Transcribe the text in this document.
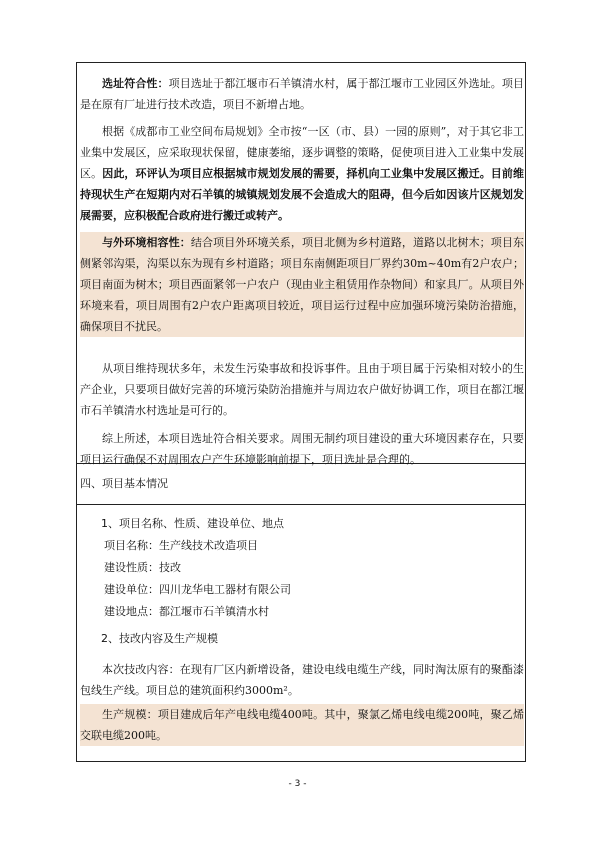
选址符合性：项目选址于都江堰市石羊镇清水村，属于都江堰市工业园区外选址。项目是在原有厂址进行技术改造，项目不新增占地。

根据《成都市工业空间布局规划》全市按“一区（市、县）一园的原则”，对于其它非工业集中发展区，应采取现状保留，健康萎缩，逐步调整的策略，促使项目进入工业集中发展区。因此，环评认为项目应根据城市规划发展的需要，择机向工业集中发展区搬迁。目前维持现状生产在短期内对石羊镇的城镇规划发展不会造成大的阻碍，但今后如因该片区规划发展需要，应积极配合政府进行搬迁或转产。

与外环境相容性：结合项目外环境关系，项目北侧为乡村道路，道路以北树木；项目东侧紧邻沟渠，沟渠以东为现有乡村道路；项目东南侧距项目厂界约30m~40m有2户农户；项目南面为树木；项目西面紧邻一户农户（现由业主租赁用作杂物间）和家具厂。从项目外环境来看，项目周围有2户农户距离项目较近，项目运行过程中应加强环境污染防治措施，确保项目不扰民。

从项目维持现状多年，未发生污染事故和投诉事件。且由于项目属于污染相对较小的生产企业，只要项目做好完善的环境污染防治措施并与周边农户做好协调工作，项目在都江堰市石羊镇清水村选址是可行的。

综上所述，本项目选址符合相关要求。周围无制约项目建设的重大环境因素存在，只要项目运行确保不对周围农户产生环境影响前提下，项目选址是合理的。

四、项目基本情况

1、项目名称、性质、建设单位、地点

项目名称：生产线技术改造项目

建设性质：技改

建设单位：四川龙华电工器材有限公司

建设地点：都江堰市石羊镇清水村

2、技改内容及生产规模

本次技改内容：在现有厂区内新增设备，建设电线电缆生产线，同时淘汰原有的聚酯漆包线生产线。项目总的建筑面积约3000m²。

生产规模：项目建成后年产电线电缆400吨。其中，聚氯乙烯电线电缆200吨，聚乙烯交联电缆200吨。

- 3 -
